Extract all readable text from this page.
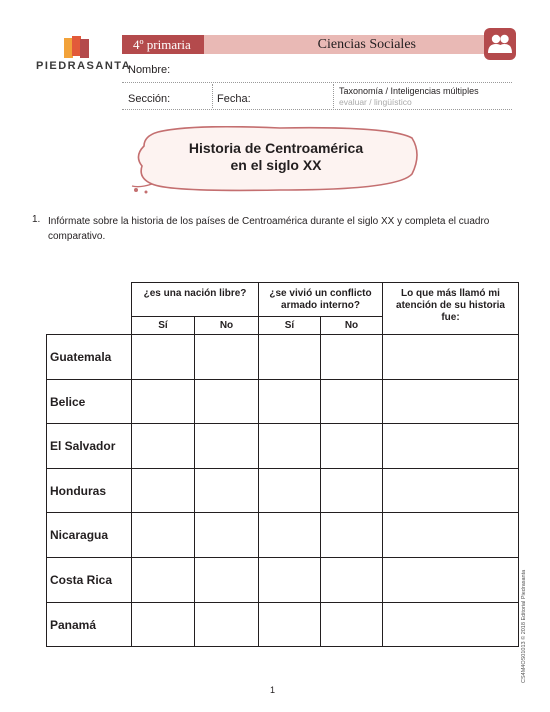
PIEDRASANTA
4º primaria	Ciencias Sociales
Nombre:
Sección:	Fecha:
Taxonomía / Inteligencias múltiples
evaluar / lingüístico
Historia de Centroamérica
en el siglo XX
1. Infórmate sobre la historia de los países de Centroamérica durante el siglo XX y completa el cuadro comparativo.
¿es una nación libre?	¿se vivió un conflicto armado interno?
Lo que más llamó mi atención de su historia fue:
Sí	No	Sí	No
Guatemala
Belice
El Salvador
Honduras
Nicaragua
Costa Rica
Panamá
1
CS4M4OS01013 © 2018 Editorial Piedrasanta
